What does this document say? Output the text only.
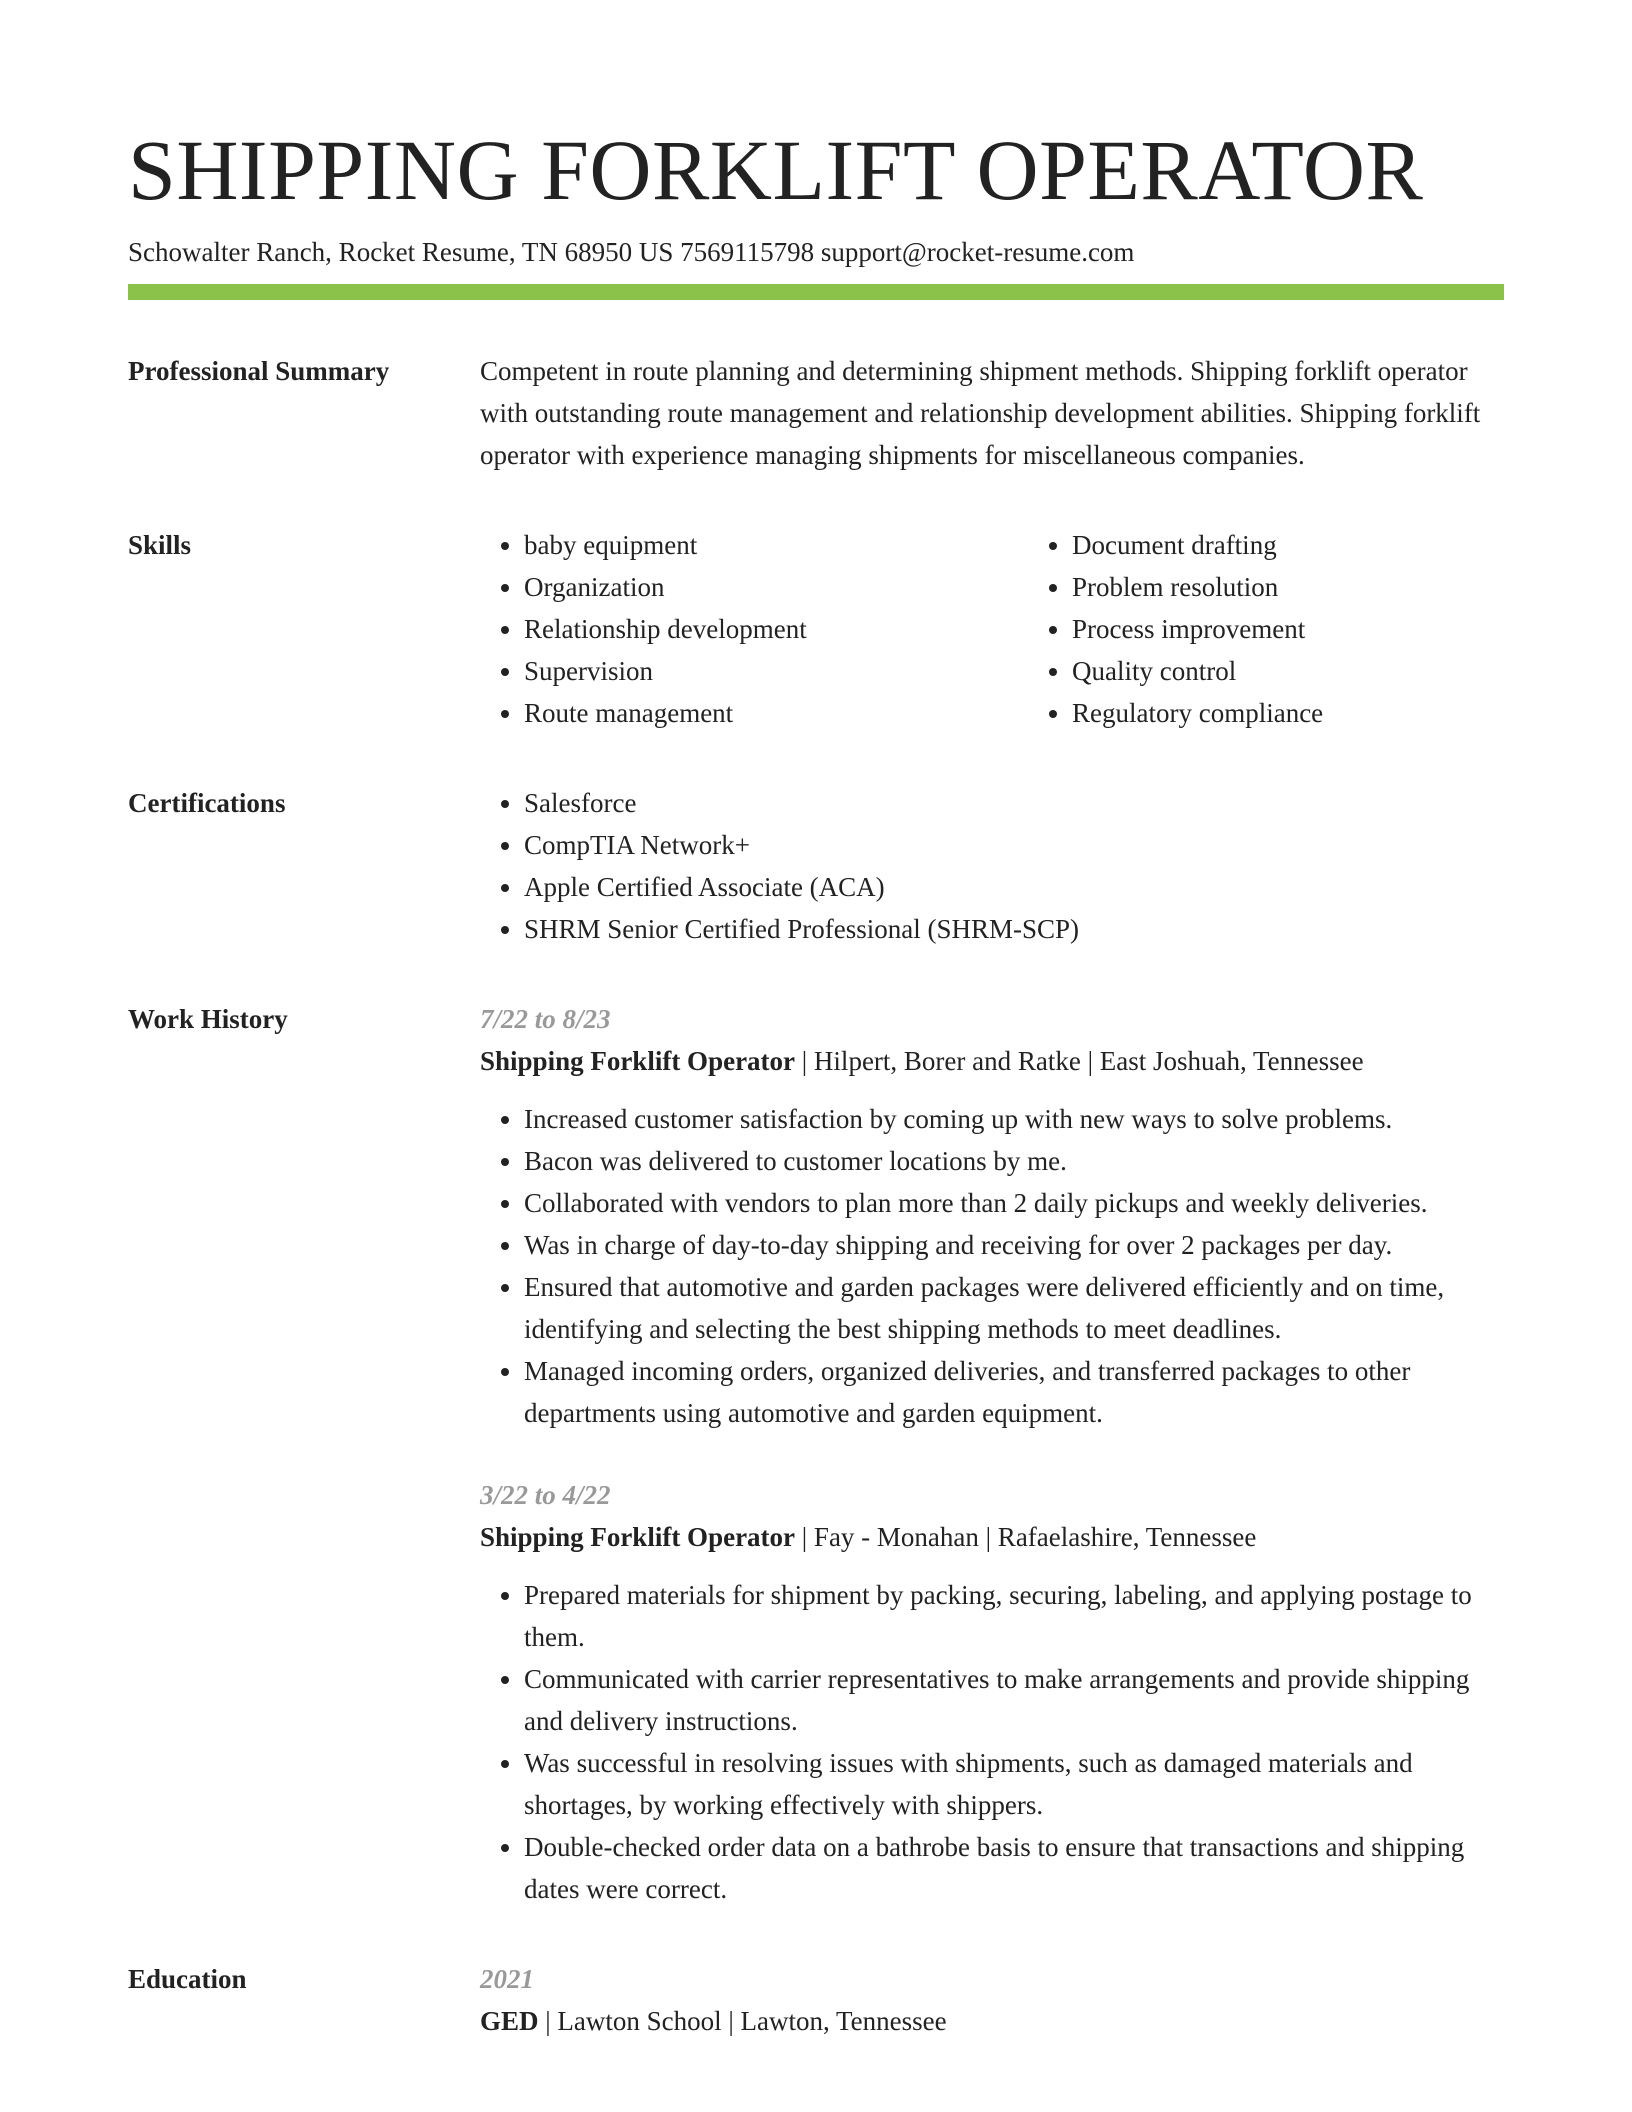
SHIPPING FORKLIFT OPERATOR
Schowalter Ranch, Rocket Resume, TN 68950 US 7569115798 support@rocket-resume.com
Professional Summary	Competent in route planning and determining shipment methods. Shipping forklift operator with outstanding route management and relationship development abilities. Shipping forklift operator with experience managing shipments for miscellaneous companies.
Skills	• baby equipment
• Organization
• Relationship development
• Supervision
• Route management
• Document drafting
• Problem resolution
• Process improvement
• Quality control
• Regulatory compliance
Certifications	• Salesforce
• CompTIA Network+
• Apple Certified Associate (ACA)
• SHRM Senior Certified Professional (SHRM-SCP)
Work History	7/22 to 8/23
Shipping Forklift Operator | Hilpert, Borer and Ratke | East Joshuah, Tennessee
• Increased customer satisfaction by coming up with new ways to solve problems.
• Bacon was delivered to customer locations by me.
• Collaborated with vendors to plan more than 2 daily pickups and weekly deliveries.
• Was in charge of day-to-day shipping and receiving for over 2 packages per day.
• Ensured that automotive and garden packages were delivered efficiently and on time, identifying and selecting the best shipping methods to meet deadlines.
• Managed incoming orders, organized deliveries, and transferred packages to other departments using automotive and garden equipment.
3/22 to 4/22
Shipping Forklift Operator | Fay - Monahan | Rafaelashire, Tennessee
• Prepared materials for shipment by packing, securing, labeling, and applying postage to them.
• Communicated with carrier representatives to make arrangements and provide shipping and delivery instructions.
• Was successful in resolving issues with shipments, such as damaged materials and shortages, by working effectively with shippers.
• Double-checked order data on a bathrobe basis to ensure that transactions and shipping dates were correct.
Education	2021
GED | Lawton School | Lawton, Tennessee
